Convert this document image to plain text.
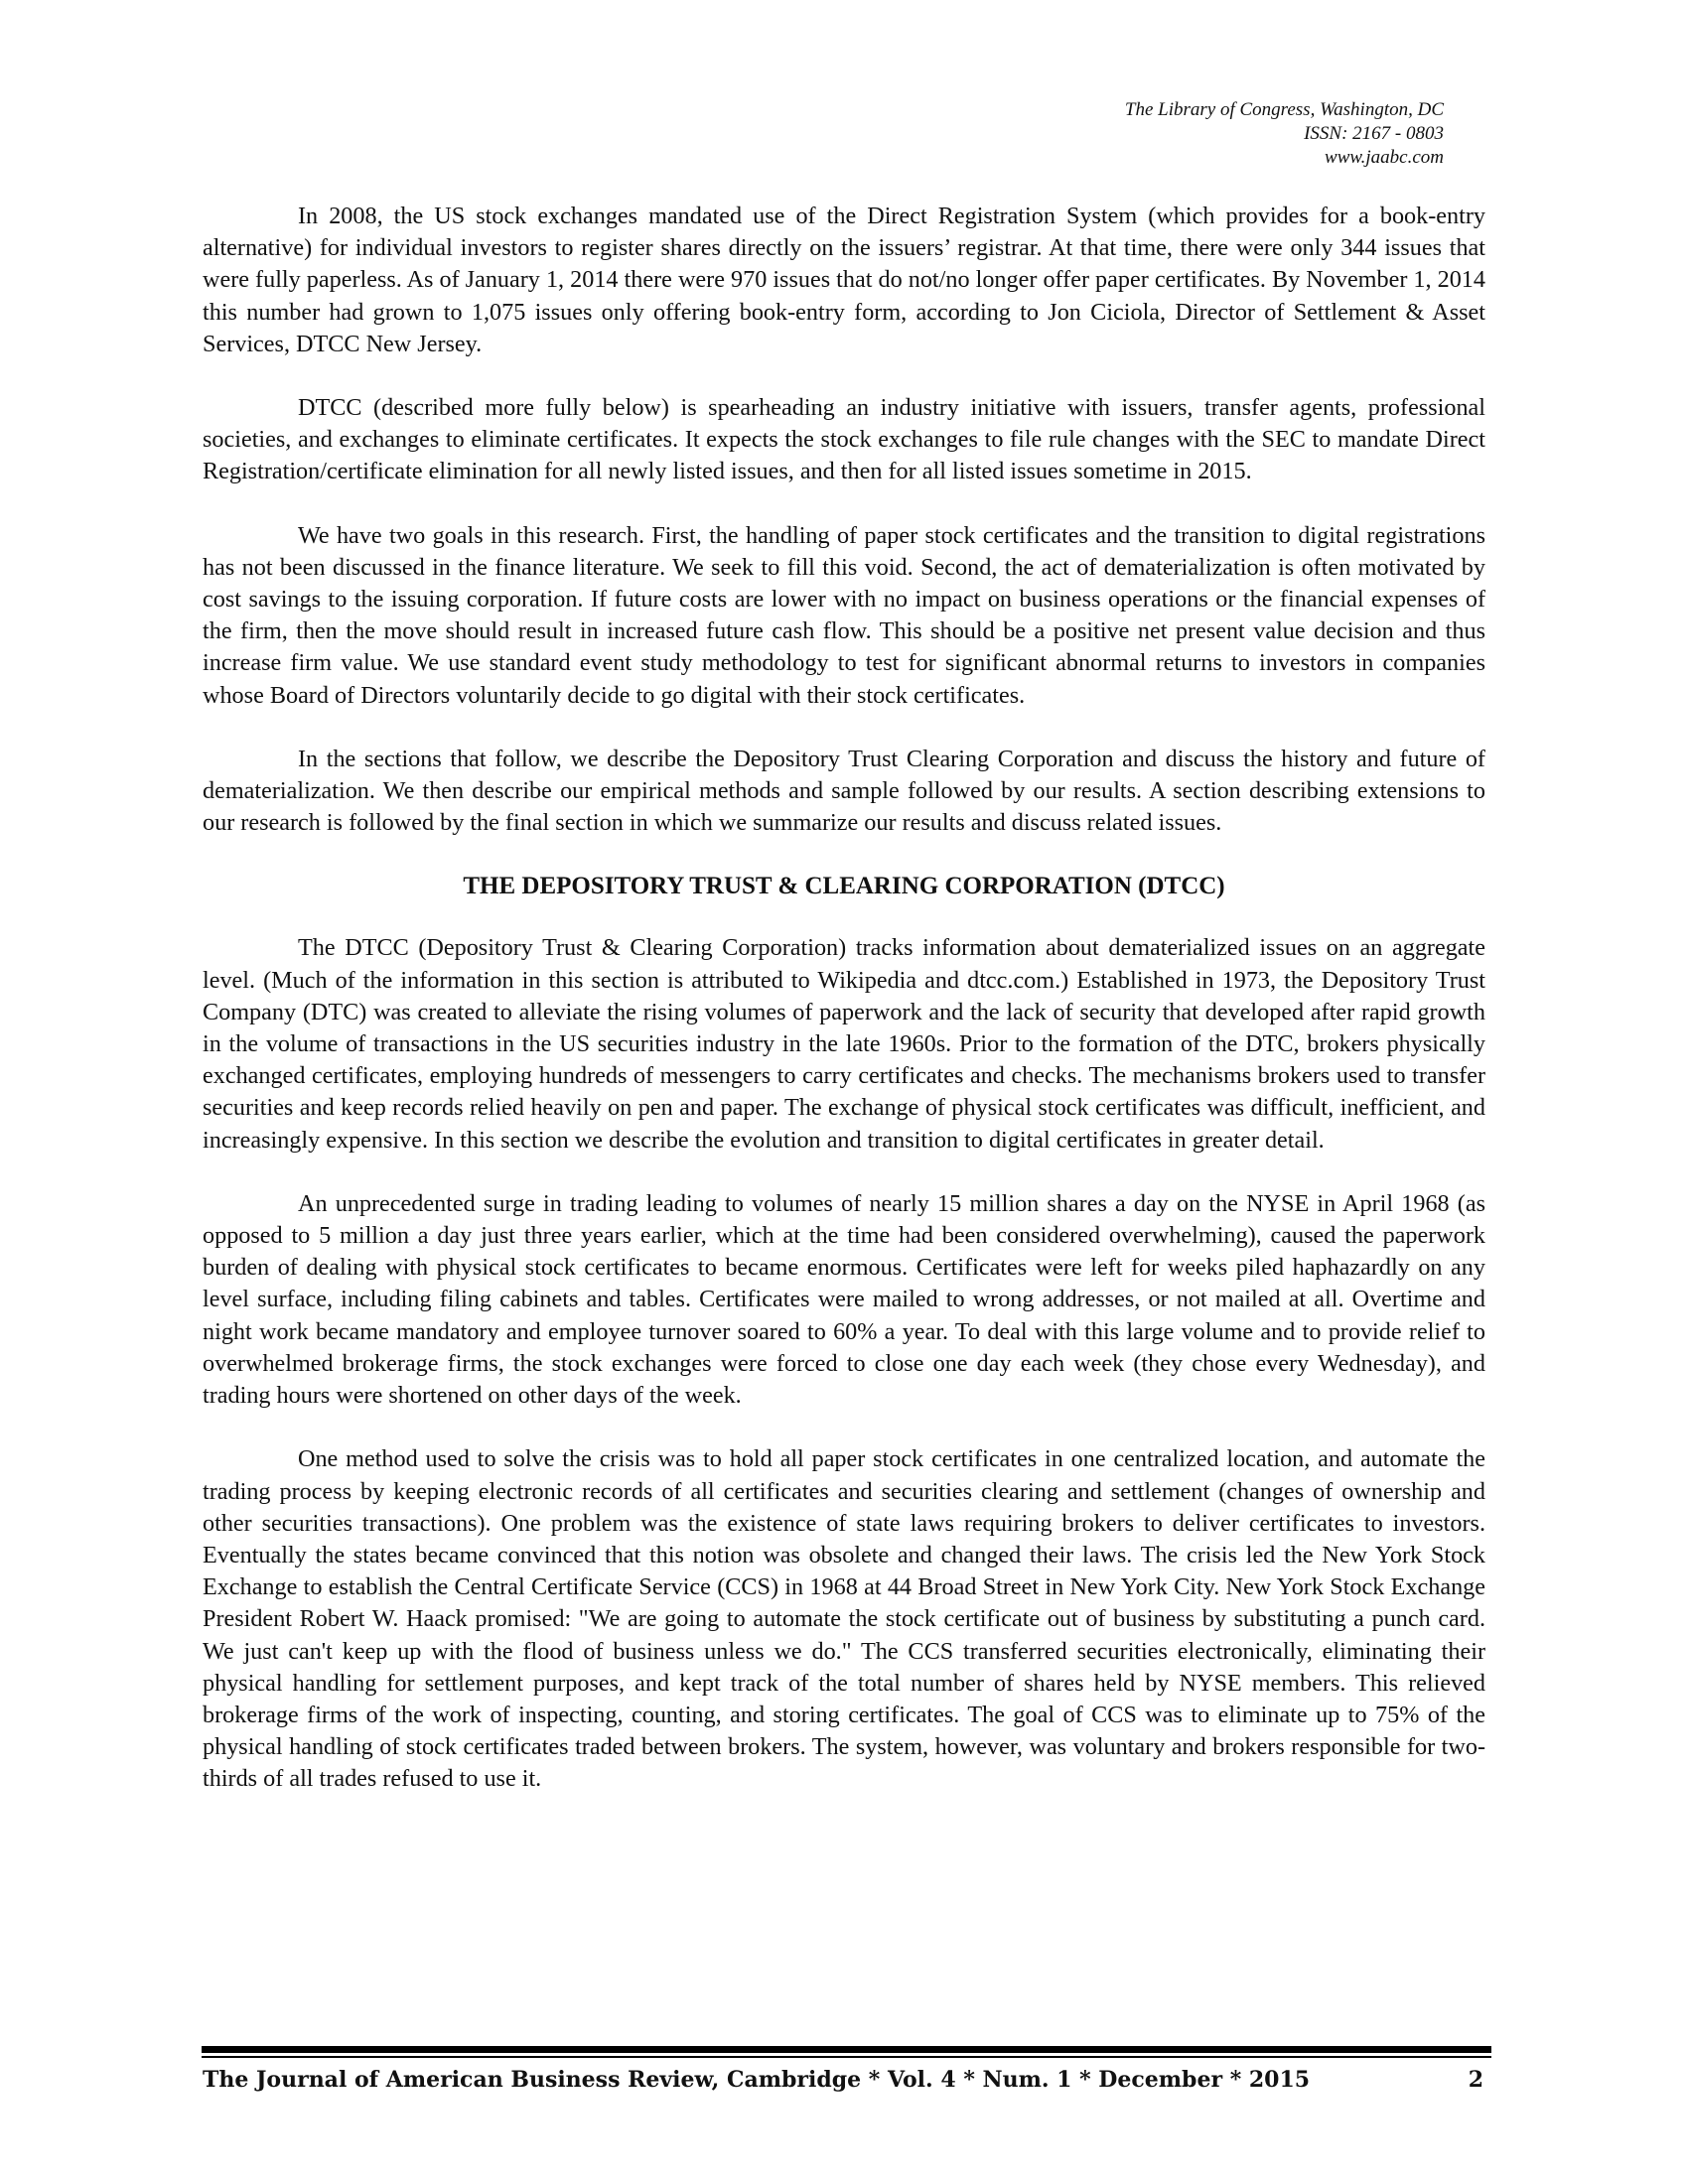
The Library of Congress, Washington, DC
ISSN: 2167 - 0803
www.jaabc.com

In 2008, the US stock exchanges mandated use of the Direct Registration System (which provides for a book-entry alternative) for individual investors to register shares directly on the issuers’ registrar. At that time, there were only 344 issues that were fully paperless. As of January 1, 2014 there were 970 issues that do not/no longer offer paper certificates. By November 1, 2014 this number had grown to 1,075 issues only offering book-entry form, according to Jon Ciciola, Director of Settlement & Asset Services, DTCC New Jersey.

DTCC (described more fully below) is spearheading an industry initiative with issuers, transfer agents, professional societies, and exchanges to eliminate certificates. It expects the stock exchanges to file rule changes with the SEC to mandate Direct Registration/certificate elimination for all newly listed issues, and then for all listed issues sometime in 2015.

We have two goals in this research. First, the handling of paper stock certificates and the transition to digital registrations has not been discussed in the finance literature. We seek to fill this void. Second, the act of dematerialization is often motivated by cost savings to the issuing corporation. If future costs are lower with no impact on business operations or the financial expenses of the firm, then the move should result in increased future cash flow. This should be a positive net present value decision and thus increase firm value. We use standard event study methodology to test for significant abnormal returns to investors in companies whose Board of Directors voluntarily decide to go digital with their stock certificates.

In the sections that follow, we describe the Depository Trust Clearing Corporation and discuss the history and future of dematerialization. We then describe our empirical methods and sample followed by our results. A section describing extensions to our research is followed by the final section in which we summarize our results and discuss related issues.

THE DEPOSITORY TRUST & CLEARING CORPORATION (DTCC)

The DTCC (Depository Trust & Clearing Corporation) tracks information about dematerialized issues on an aggregate level. (Much of the information in this section is attributed to Wikipedia and dtcc.com.) Established in 1973, the Depository Trust Company (DTC) was created to alleviate the rising volumes of paperwork and the lack of security that developed after rapid growth in the volume of transactions in the US securities industry in the late 1960s. Prior to the formation of the DTC, brokers physically exchanged certificates, employing hundreds of messengers to carry certificates and checks. The mechanisms brokers used to transfer securities and keep records relied heavily on pen and paper. The exchange of physical stock certificates was difficult, inefficient, and increasingly expensive. In this section we describe the evolution and transition to digital certificates in greater detail.

An unprecedented surge in trading leading to volumes of nearly 15 million shares a day on the NYSE in April 1968 (as opposed to 5 million a day just three years earlier, which at the time had been considered overwhelming), caused the paperwork burden of dealing with physical stock certificates to became enormous. Certificates were left for weeks piled haphazardly on any level surface, including filing cabinets and tables. Certificates were mailed to wrong addresses, or not mailed at all. Overtime and night work became mandatory and employee turnover soared to 60% a year. To deal with this large volume and to provide relief to overwhelmed brokerage firms, the stock exchanges were forced to close one day each week (they chose every Wednesday), and trading hours were shortened on other days of the week.

One method used to solve the crisis was to hold all paper stock certificates in one centralized location, and automate the trading process by keeping electronic records of all certificates and securities clearing and settlement (changes of ownership and other securities transactions). One problem was the existence of state laws requiring brokers to deliver certificates to investors. Eventually the states became convinced that this notion was obsolete and changed their laws. The crisis led the New York Stock Exchange to establish the Central Certificate Service (CCS) in 1968 at 44 Broad Street in New York City. New York Stock Exchange President Robert W. Haack promised: "We are going to automate the stock certificate out of business by substituting a punch card. We just can't keep up with the flood of business unless we do." The CCS transferred securities electronically, eliminating their physical handling for settlement purposes, and kept track of the total number of shares held by NYSE members. This relieved brokerage firms of the work of inspecting, counting, and storing certificates. The goal of CCS was to eliminate up to 75% of the physical handling of stock certificates traded between brokers. The system, however, was voluntary and brokers responsible for two-thirds of all trades refused to use it.

The Journal of American Business Review, Cambridge * Vol. 4 * Num. 1 * December * 2015	2
